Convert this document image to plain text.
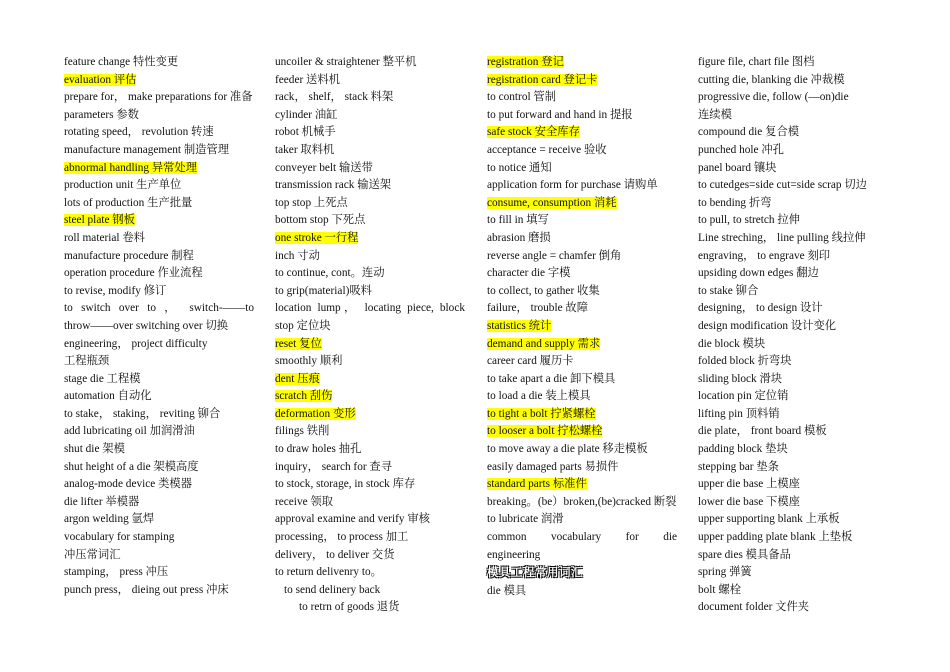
feature change 特性变更
evaluation 评估
prepare for， make preparations for 准备
parameters 参数
rotating speed， revolution 转速
manufacture management 制造管理
abnormal handling 异常处理
production unit 生产单位
lots of production 生产批量
steel plate 钢板
roll material 卷料
manufacture procedure 制程
operation procedure 作业流程
to revise, modify 修订
to switch over to ， switch-——to
throw——over switching over 切换
engineering， project difficulty
工程瓶颈
stage die 工程模
automation 自动化
to stake， staking， reviting 铆合
add lubricating oil 加润滑油
shut die 架模
shut height of a die 架模高度
analog-mode device 类模器
die lifter 举模器
argon welding 氩焊
vocabulary for stamping
冲压常词汇
stamping， press 冲压
punch press， dieing out press 冲床
uncoiler & straightener 整平机
feeder 送料机
rack， shelf， stack 料架
cylinder 油缸
robot 机械手
taker 取料机
conveyer belt 输送带
transmission rack 输送架
top stop 上死点
bottom stop 下死点
one stroke 一行程
inch 寸动
to continue, cont。连动
to grip(material)吸料
location lump， locating piece, block
stop 定位块
reset 复位
smoothly 顺利
dent 压痕
scratch 刮伤
deformation 变形
filings 铁削
to draw holes 抽孔
inquiry， search for 查寻
to stock, storage, in stock 库存
receive 领取
approval examine and verify 审核
processing， to process 加工
delivery， to deliver 交货
to return delivenry to。
to send delinery back
to retrn of goods 退货
registration 登记
registration card 登记卡
to control 管制
to put forward and hand in 提报
safe stock 安全库存
acceptance = receive 验收
to notice 通知
application form for purchase 请购单
consume, consumption 消耗
to fill in 填写
abrasion 磨损
reverse angle = chamfer 倒角
character die 字模
to collect, to gather 收集
failure， trouble 故障
statistics 统计
demand and supply 需求
career card 履历卡
to take apart a die 卸下模具
to load a die 装上模具
to tight a bolt 拧紧螺栓
to looser a bolt 拧松螺栓
to move away a die plate 移走模板
easily damaged parts 易损件
standard parts 标准件
breaking。(be）broken,(be)cracked 断裂
to lubricate 润滑
common vocabulary for die
engineering
模具工程常用词汇
die 模具
figure file, chart file 图档
cutting die, blanking die 冲裁模
progressive die, follow (—on)die
连续模
compound die 复合模
punched hole 冲孔
panel board 镶块
to cutedges=side cut=side scrap 切边
to bending 折弯
to pull, to stretch 拉伸
Line streching， line pulling 线拉伸
engraving， to engrave 刻印
upsiding down edges 翻边
to stake 铆合
designing， to design 设计
design modification 设计变化
die block 模块
folded block 折弯块
sliding block 滑块
location pin 定位销
lifting pin 顶料销
die plate， front board 模板
padding block 垫块
stepping bar 垫条
upper die base 上模座
lower die base 下模座
upper supporting blank 上承板
upper padding plate blank 上垫板
spare dies 模具备品
spring 弹簧
bolt 螺栓
document folder 文件夹
